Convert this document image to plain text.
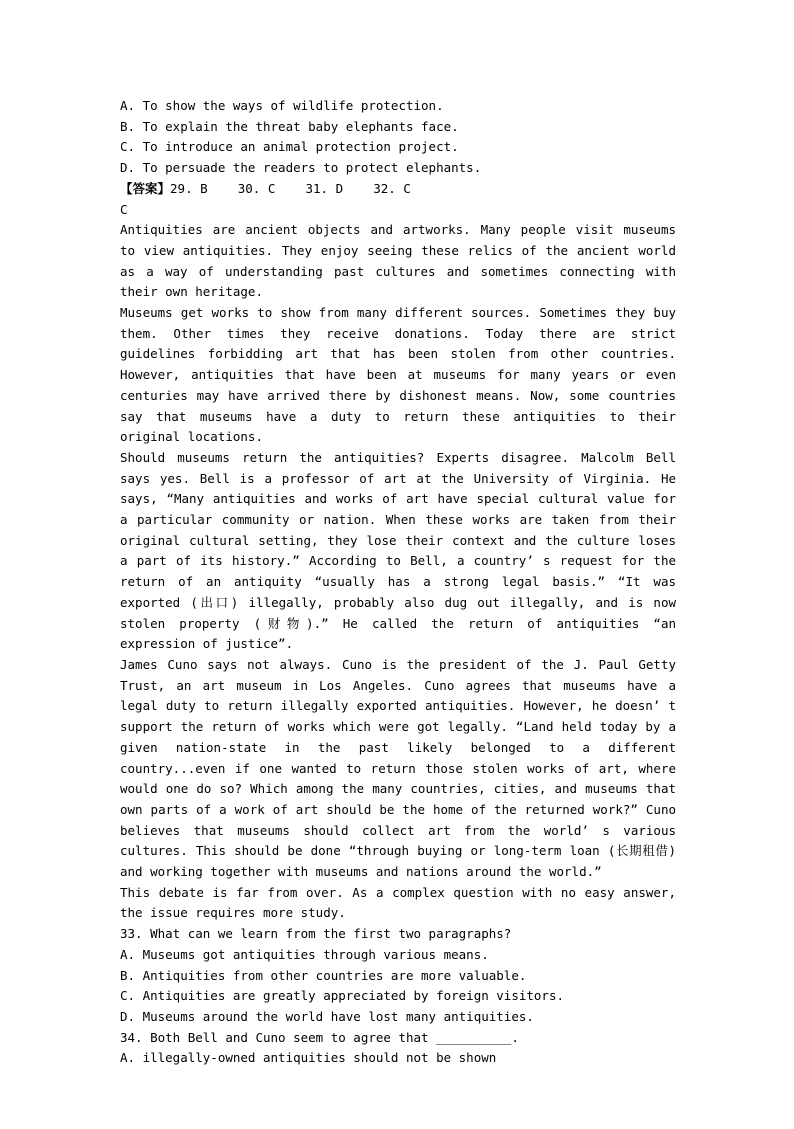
A. To show the ways of wildlife protection.

B. To explain the threat baby elephants face.

C. To introduce an animal protection project.

D. To persuade the readers to protect elephants.

【答案】29. B    30. C    31. D    32. C

C

Antiquities are ancient objects and artworks. Many people visit museums to view antiquities. They enjoy seeing these relics of the ancient world as a way of understanding past cultures and sometimes connecting with their own heritage.

Museums get works to show from many different sources. Sometimes they buy them. Other times they receive donations. Today there are strict guidelines forbidding art that has been stolen from other countries. However, antiquities that have been at museums for many years or even centuries may have arrived there by dishonest means. Now, some countries say that museums have a duty to return these antiquities to their original locations.

Should museums return the antiquities? Experts disagree. Malcolm Bell says yes. Bell is a professor of art at the University of Virginia. He says, “Many antiquities and works of art have special cultural value for a particular community or nation. When these works are taken from their original cultural setting, they lose their context and the culture loses a part of its history.” According to Bell, a country’ s request for the return of an antiquity “usually has a strong legal basis.” “It was exported (出口) illegally, probably also dug out illegally, and is now stolen property (财物).” He called the return of antiquities “an expression of justice”.

James Cuno says not always. Cuno is the president of the J. Paul Getty Trust, an art museum in Los Angeles. Cuno agrees that museums have a legal duty to return illegally exported antiquities. However, he doesn’ t support the return of works which were got legally. “Land held today by a given nation-state in the past likely belonged to a different country...even if one wanted to return those stolen works of art, where would one do so? Which among the many countries, cities, and museums that own parts of a work of art should be the home of the returned work?” Cuno believes that museums should collect art from the world’ s various cultures. This should be done “through buying or long-term loan (长期租借) and working together with museums and nations around the world.”

This debate is far from over. As a complex question with no easy answer, the issue requires more study.

33. What can we learn from the first two paragraphs?

A. Museums got antiquities through various means.

B. Antiquities from other countries are more valuable.

C. Antiquities are greatly appreciated by foreign visitors.

D. Museums around the world have lost many antiquities.

34. Both Bell and Cuno seem to agree that __________.

A. illegally-owned antiquities should not be shown
